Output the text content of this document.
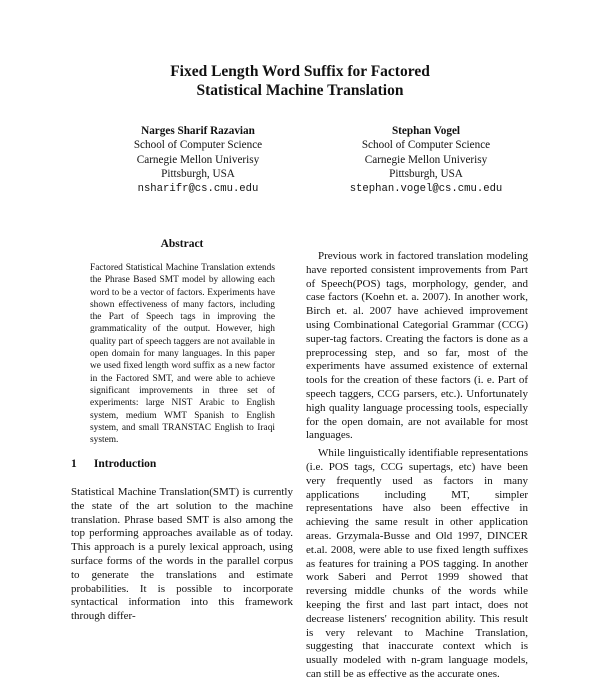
Fixed Length Word Suffix for Factored
Statistical Machine Translation
Narges Sharif Razavian
School of Computer Science
Carnegie Mellon Univerisy
Pittsburgh, USA
nsharifr@cs.cmu.edu
Stephan Vogel
School of Computer Science
Carnegie Mellon Univerisy
Pittsburgh, USA
stephan.vogel@cs.cmu.edu
Abstract
Factored Statistical Machine Translation extends the Phrase Based SMT model by allowing each word to be a vector of factors. Experiments have shown effectiveness of many factors, including the Part of Speech tags in improving the grammaticality of the output. However, high quality part of speech taggers are not available in open domain for many languages. In this paper we used fixed length word suffix as a new factor in the Factored SMT, and were able to achieve significant improvements in three set of experiments: large NIST Arabic to English system, medium WMT Spanish to English system, and small TRANSTAC English to Iraqi system.
1 Introduction
Statistical Machine Translation(SMT) is currently the state of the art solution to the machine translation. Phrase based SMT is also among the top performing approaches available as of today. This approach is a purely lexical approach, using surface forms of the words in the parallel corpus to generate the translations and estimate probabilities. It is possible to incorporate syntactical information into this framework through differ-

Previous work in factored translation modeling have reported consistent improvements from Part of Speech(POS) tags, morphology, gender, and case factors (Koehn et. a. 2007). In another work, Birch et. al. 2007 have achieved improvement using Combinational Categorial Grammar (CCG) super-tag factors. Creating the factors is done as a preprocessing step, and so far, most of the experiments have assumed existence of external tools for the creation of these factors (i. e. Part of speech taggers, CCG parsers, etc.). Unfortunately high quality language processing tools, especially for the open domain, are not available for most languages.

While linguistically identifiable representations (i.e. POS tags, CCG supertags, etc) have been very frequently used as factors in many applications including MT, simpler representations have also been effective in achieving the same result in other application areas. Grzymala-Busse and Old 1997, DINCER et.al. 2008, were able to use fixed length suffixes as features for training a POS tagging. In another work Saberi and Perrot 1999 showed that reversing middle chunks of the words while keeping the first and last part intact, does not decrease listeners' recognition ability. This result is very relevant to Machine Translation, suggesting that inaccurate context which is usually modeled with n-gram language models, can still be as effective as the accurate ones.
